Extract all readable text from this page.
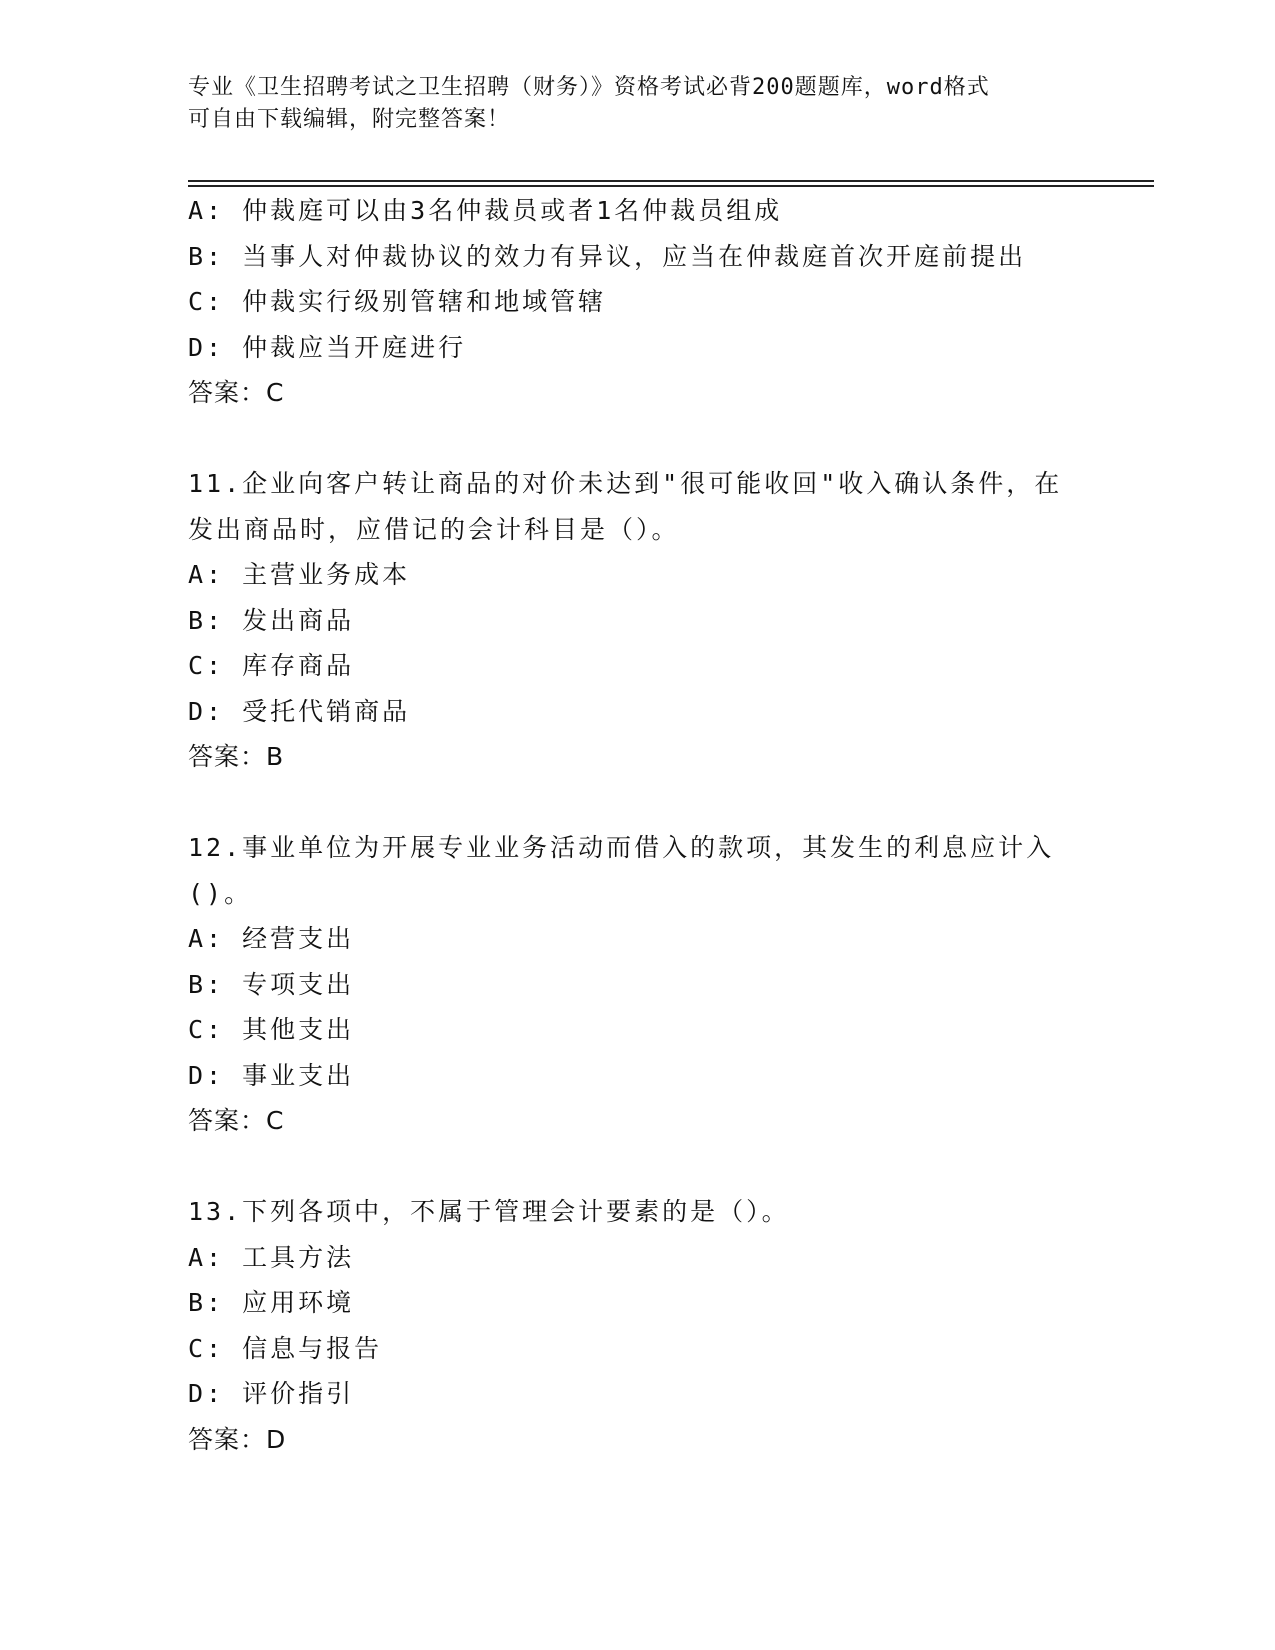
专业《卫生招聘考试之卫生招聘（财务）》资格考试必背200题题库，word格式
可自由下载编辑，附完整答案！
A: 仲裁庭可以由3名仲裁员或者1名仲裁员组成
B: 当事人对仲裁协议的效力有异议，应当在仲裁庭首次开庭前提出
C: 仲裁实行级别管辖和地域管辖
D: 仲裁应当开庭进行
答案：C
11.企业向客户转让商品的对价未达到"很可能收回"收入确认条件，在
发出商品时，应借记的会计科目是（）。
A: 主营业务成本
B: 发出商品
C: 库存商品
D: 受托代销商品
答案：B
12.事业单位为开展专业业务活动而借入的款项，其发生的利息应计入
()。
A: 经营支出
B: 专项支出
C: 其他支出
D: 事业支出
答案：C
13.下列各项中，不属于管理会计要素的是（）。
A: 工具方法
B: 应用环境
C: 信息与报告
D: 评价指引
答案：D
